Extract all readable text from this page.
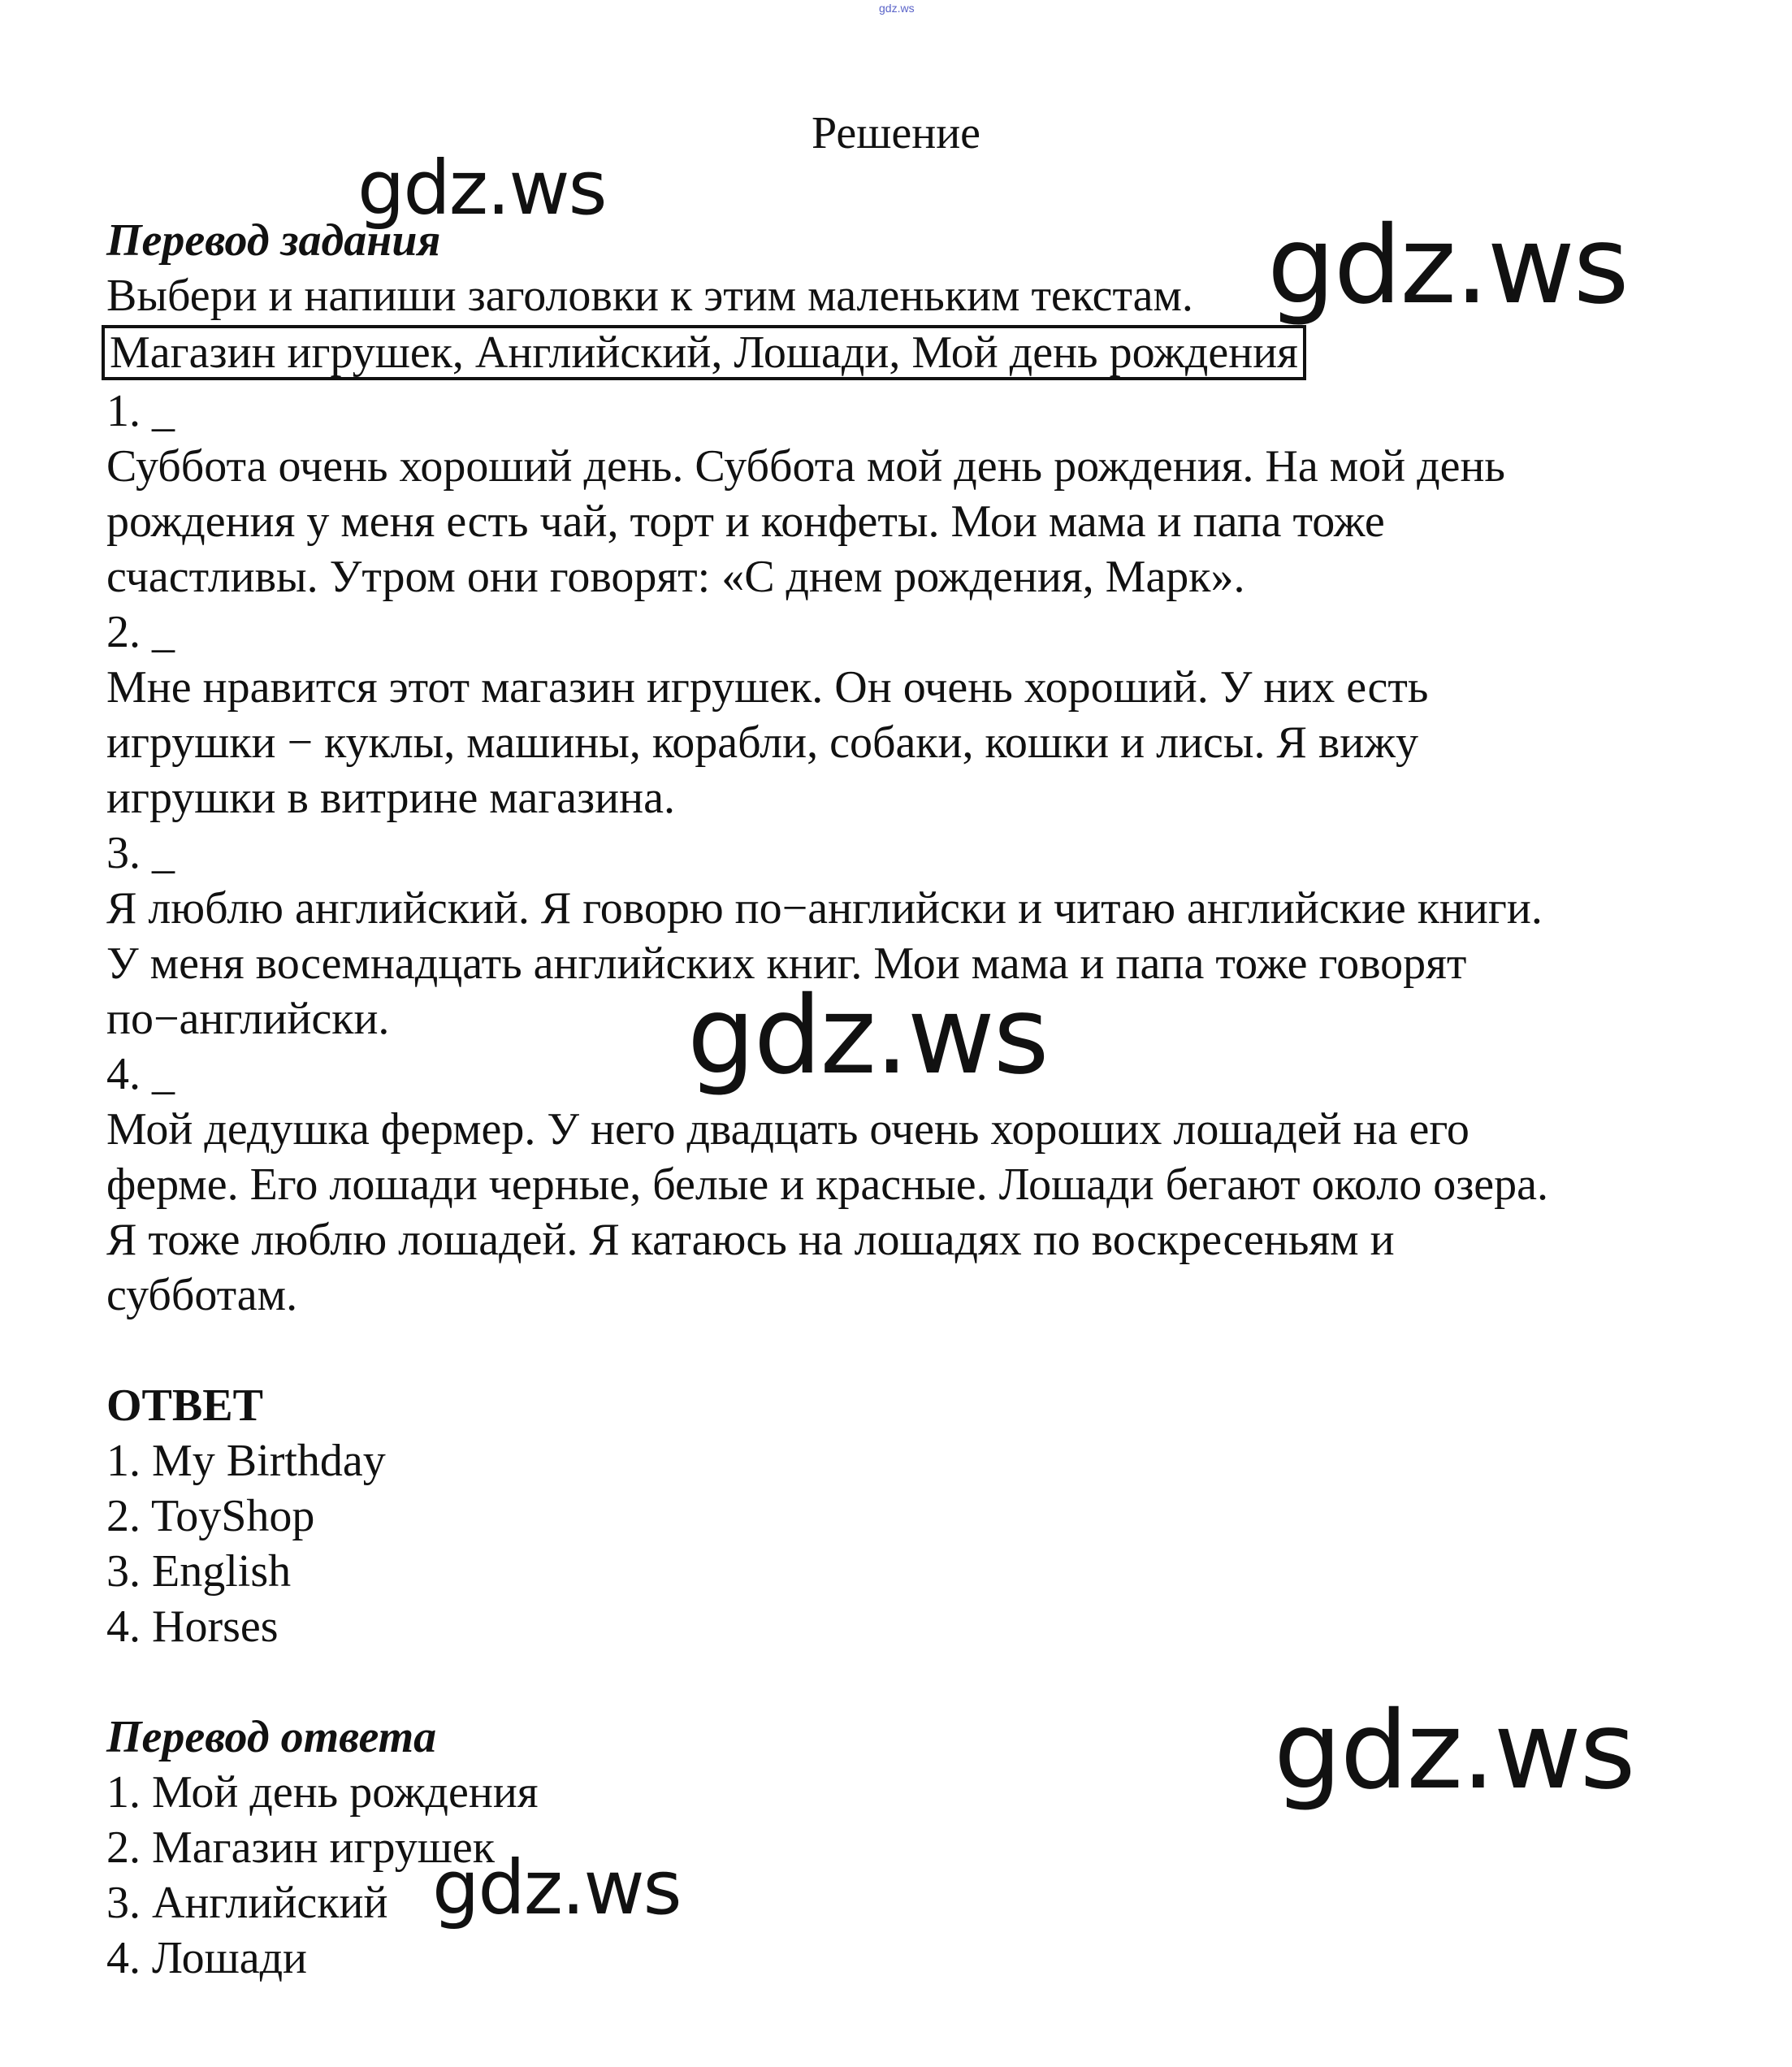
gdz.ws
Решение
Перевод задания
Выбери и напиши заголовки к этим маленьким текстам.
Магазин игрушек, Английский, Лошади, Мой день рождения
1. _
Суббота очень хороший день. Суббота мой день рождения. На мой день
рождения у меня есть чай, торт и конфеты. Мои мама и папа тоже
счастливы. Утром они говорят: «С днем рождения, Марк».
2. _
Мне нравится этот магазин игрушек. Он очень хороший. У них есть
игрушки − куклы, машины, корабли, собаки, кошки и лисы. Я вижу
игрушки в витрине магазина.
3. _
Я люблю английский. Я говорю по−английски и читаю английские книги.
У меня восемнадцать английских книг. Мои мама и папа тоже говорят
по−английски.
4. _
Мой дедушка фермер. У него двадцать очень хороших лошадей на его
ферме. Его лошади черные, белые и красные. Лошади бегают около озера.
Я тоже люблю лошадей. Я катаюсь на лошадях по воскресеньям и
субботам.
ОТВЕТ
1. My Birthday
2. ToyShop
3. English
4. Horses
Перевод ответа
1. Мой день рождения
2. Магазин игрушек
3. Английский
4. Лошади
gdz.ws
gdz.ws
gdz.ws
gdz.ws
gdz.ws
